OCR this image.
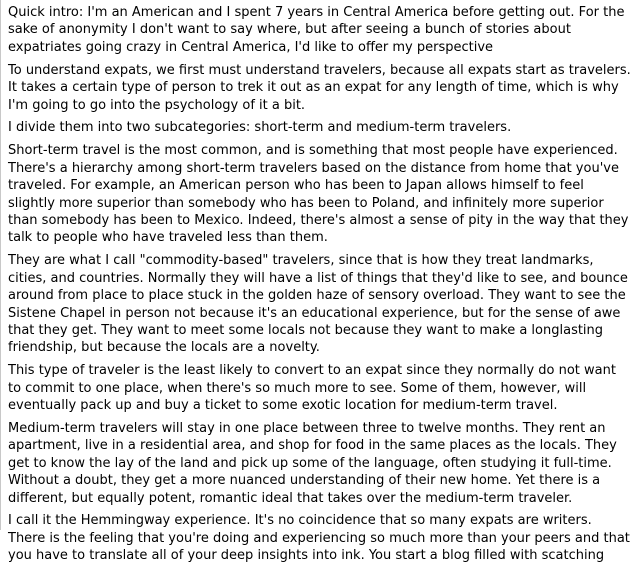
Quick intro: I'm an American and I spent 7 years in Central America before getting out. For the sake of anonymity I don't want to say where, but after seeing a bunch of stories about expatriates going crazy in Central America, I'd like to offer my perspective

To understand expats, we first must understand travelers, because all expats start as travelers. It takes a certain type of person to trek it out as an expat for any length of time, which is why I'm going to go into the psychology of it a bit.

I divide them into two subcategories: short-term and medium-term travelers.

Short-term travel is the most common, and is something that most people have experienced. There's a hierarchy among short-term travelers based on the distance from home that you've traveled. For example, an American person who has been to Japan allows himself to feel slightly more superior than somebody who has been to Poland, and infinitely more superior than somebody has been to Mexico. Indeed, there's almost a sense of pity in the way that they talk to people who have traveled less than them.

They are what I call "commodity-based" travelers, since that is how they treat landmarks, cities, and countries. Normally they will have a list of things that they'd like to see, and bounce around from place to place stuck in the golden haze of sensory overload. They want to see the Sistene Chapel in person not because it's an educational experience, but for the sense of awe that they get. They want to meet some locals not because they want to make a longlasting friendship, but because the locals are a novelty.

This type of traveler is the least likely to convert to an expat since they normally do not want to commit to one place, when there's so much more to see. Some of them, however, will eventually pack up and buy a ticket to some exotic location for medium-term travel.

Medium-term travelers will stay in one place between three to twelve months. They rent an apartment, live in a residential area, and shop for food in the same places as the locals. They get to know the lay of the land and pick up some of the language, often studying it full-time. Without a doubt, they get a more nuanced understanding of their new home. Yet there is a different, but equally potent, romantic ideal that takes over the medium-term traveler.

I call it the Hemmingway experience. It's no coincidence that so many expats are writers. There is the feeling that you're doing and experiencing so much more than your peers and that you have to translate all of your deep insights into ink. You start a blog filled with scatching
